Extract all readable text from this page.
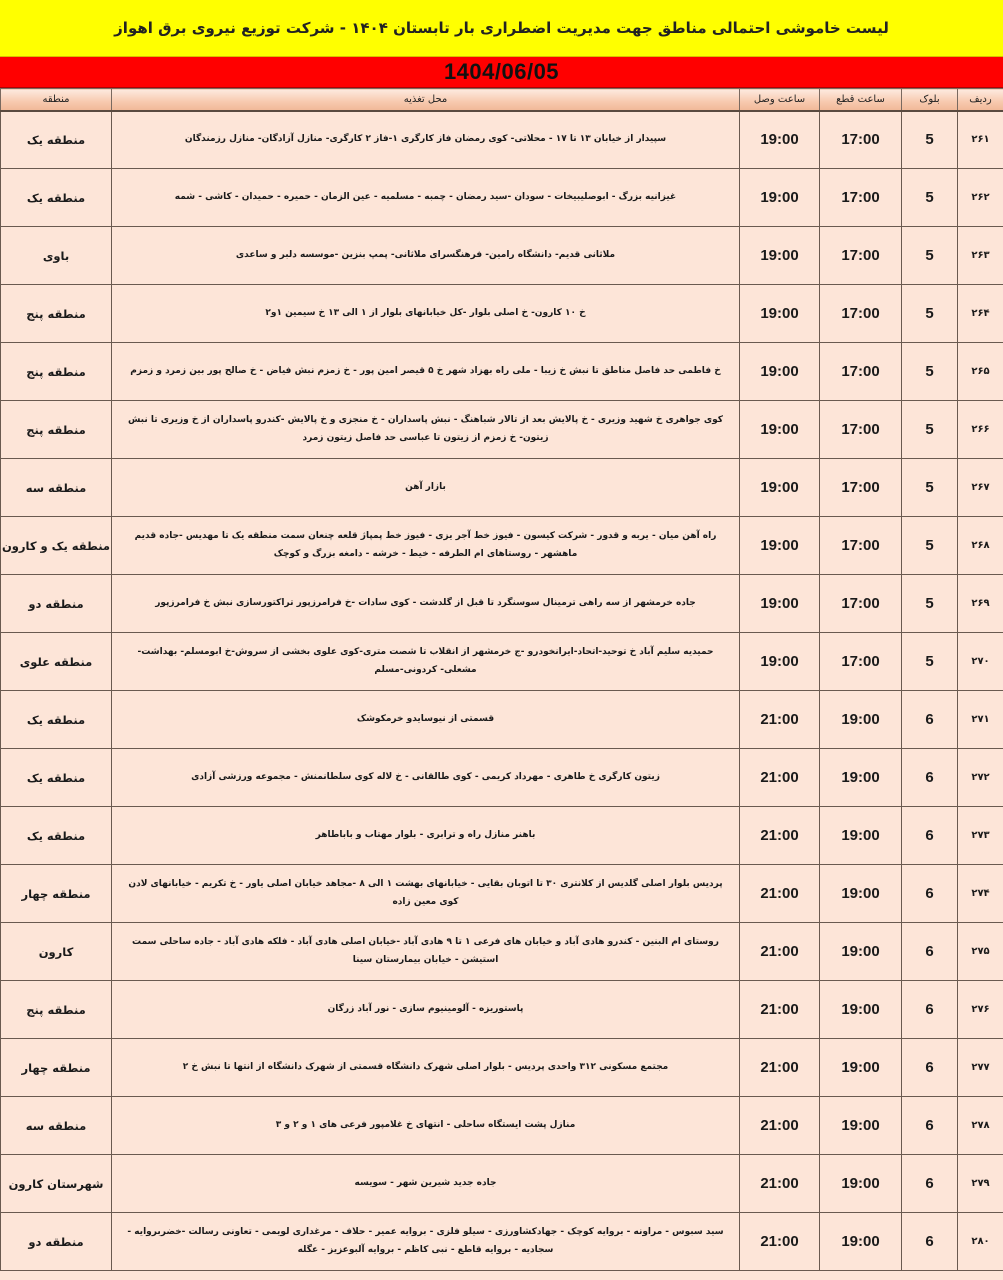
لیست خاموشی احتمالی مناطق جهت مدیریت اضطراری بار تابستان ۱۴۰۴ - شرکت توزیع نیروی برق اهواز
1404/06/05
ردیف	بلوک	ساعت قطع	ساعت وصل	محل تغذیه	منطقه
۲۶۱	5	17:00	19:00	سپیدار از خیابان ۱۳ تا ۱۷ - محلاتی- کوی رمضان فاز کارگری ۱-فاز ۲ کارگری- منازل آزادگان- منازل رزمندگان	منطقه یک
۲۶۲	5	17:00	19:00	غیزانیه بزرگ - ابوصلیبیخات - سودان -سید رمضان - چمبه - مسلمیه - عین الزمان - حمیره - حمیدان - کاشی - شمه	منطقه یک
۲۶۳	5	17:00	19:00	ملاثانی قدیم- دانشگاه رامین- فرهنگسرای ملاثانی- پمپ بنزین -موسسه دلبر و ساعدی	باوی
۲۶۴	5	17:00	19:00	خ ۱۰ کارون- خ اصلی بلوار -کل خیابانهای بلوار از ۱ الی ۱۳ خ سیمین ۱و۲	منطقه پنج
۲۶۵	5	17:00	19:00	خ فاطمی حد فاصل مناطق تا نبش خ زیبا - ملی راه بهزاد شهر خ ۵ قیصر امین پور - خ زمزم نبش فیاض - خ صالح پور بین زمرد و زمزم	منطقه پنج
۲۶۶	5	17:00	19:00	کوی جواهری خ شهید وزیری - خ پالایش بعد از تالار شباهنگ - نبش پاسداران - خ منجزی و خ پالایش -کندرو پاسداران از خ وزیری تا نبش زیتون- خ زمزم از زیتون تا عباسی حد فاصل زیتون زمرد	منطقه پنج
۲۶۷	5	17:00	19:00	بازار آهن	منطقه سه
۲۶۸	5	17:00	19:00	راه آهن میان - یربه و قدور - شرکت کیسون - فیوز خط آجر یزی - فیوز خط پمپاژ قلعه چنعان سمت منطقه یک تا مهدیس -جاده قدیم ماهشهر - روستاهای ام الطرفه - خیط - خرشه - دامغه بزرگ و کوچک	منطقه یک و کارون
۲۶۹	5	17:00	19:00	جاده خرمشهر از سه راهی ترمینال سوسنگرد تا قبل از گلدشت - کوی سادات -خ فرامرزپور تراکتورسازی نبش خ فرامرزپور	منطقه دو
۲۷۰	5	17:00	19:00	حمیدیه سلیم آباد خ توحید-اتحاد-ایرانخودرو -ج خرمشهر از انقلاب تا شصت متری-کوی علوی بخشی از سروش-خ ابومسلم- بهداشت- مشعلی- کردونی-مسلم	منطقه علوی
۲۷۱	6	19:00	21:00	قسمتی از نیوسایدو خرمکوشک	منطقه یک
۲۷۲	6	19:00	21:00	زیتون کارگری خ طاهری - مهرداد کریمی - کوی طالقانی - خ لاله کوی سلطانمنش - مجموعه ورزشی آزادی	منطقه یک
۲۷۳	6	19:00	21:00	باهنر منازل راه و ترابری - بلوار مهتاب و باباطاهر	منطقه یک
۲۷۴	6	19:00	21:00	پردیس بلوار اصلی گلدیس از کلانتری ۳۰ تا اتوبان بقایی - خیابانهای بهشت ۱ الی ۸ -مجاهد خیابان اصلی یاور - خ تکریم - خیابانهای لادن کوی معین زاده	منطقه چهار
۲۷۵	6	19:00	21:00	روستای ام البنین - کندرو هادی آباد و خیابان های فرعی ۱ تا ۹ هادی آباد -خیابان اصلی هادی آباد - فلکه هادی آباد - جاده ساحلی سمت استیشن - خیابان بیمارستان سینا	کارون
۲۷۶	6	19:00	21:00	پاستوریزه - آلومینیوم سازی - نور آباد زرگان	منطقه پنج
۲۷۷	6	19:00	21:00	مجتمع مسکونی ۳۱۲ واحدی پردیس - بلوار اصلی شهرک دانشگاه قسمتی از شهرک دانشگاه از انتها تا نبش خ ۲	منطقه چهار
۲۷۸	6	19:00	21:00	منازل پشت ایستگاه ساحلی - انتهای خ غلامپور فرعی های ۱ و ۲ و ۳	منطقه سه
۲۷۹	6	19:00	21:00	جاده جدید شیرین شهر - سویسه	شهرستان کارون
۲۸۰	6	19:00	21:00	سید سبوس - مراونه - بروایه کوچک - جهادکشاورزی - سیلو فلزی - بروایه عمیر - حلاف - مرغداری لویمی - تعاونی رسالت -خضربروایه - سجادیه - بروایه قاطع - نبی کاظم - بروایه آلبوعزیز - عگله	منطقه دو
